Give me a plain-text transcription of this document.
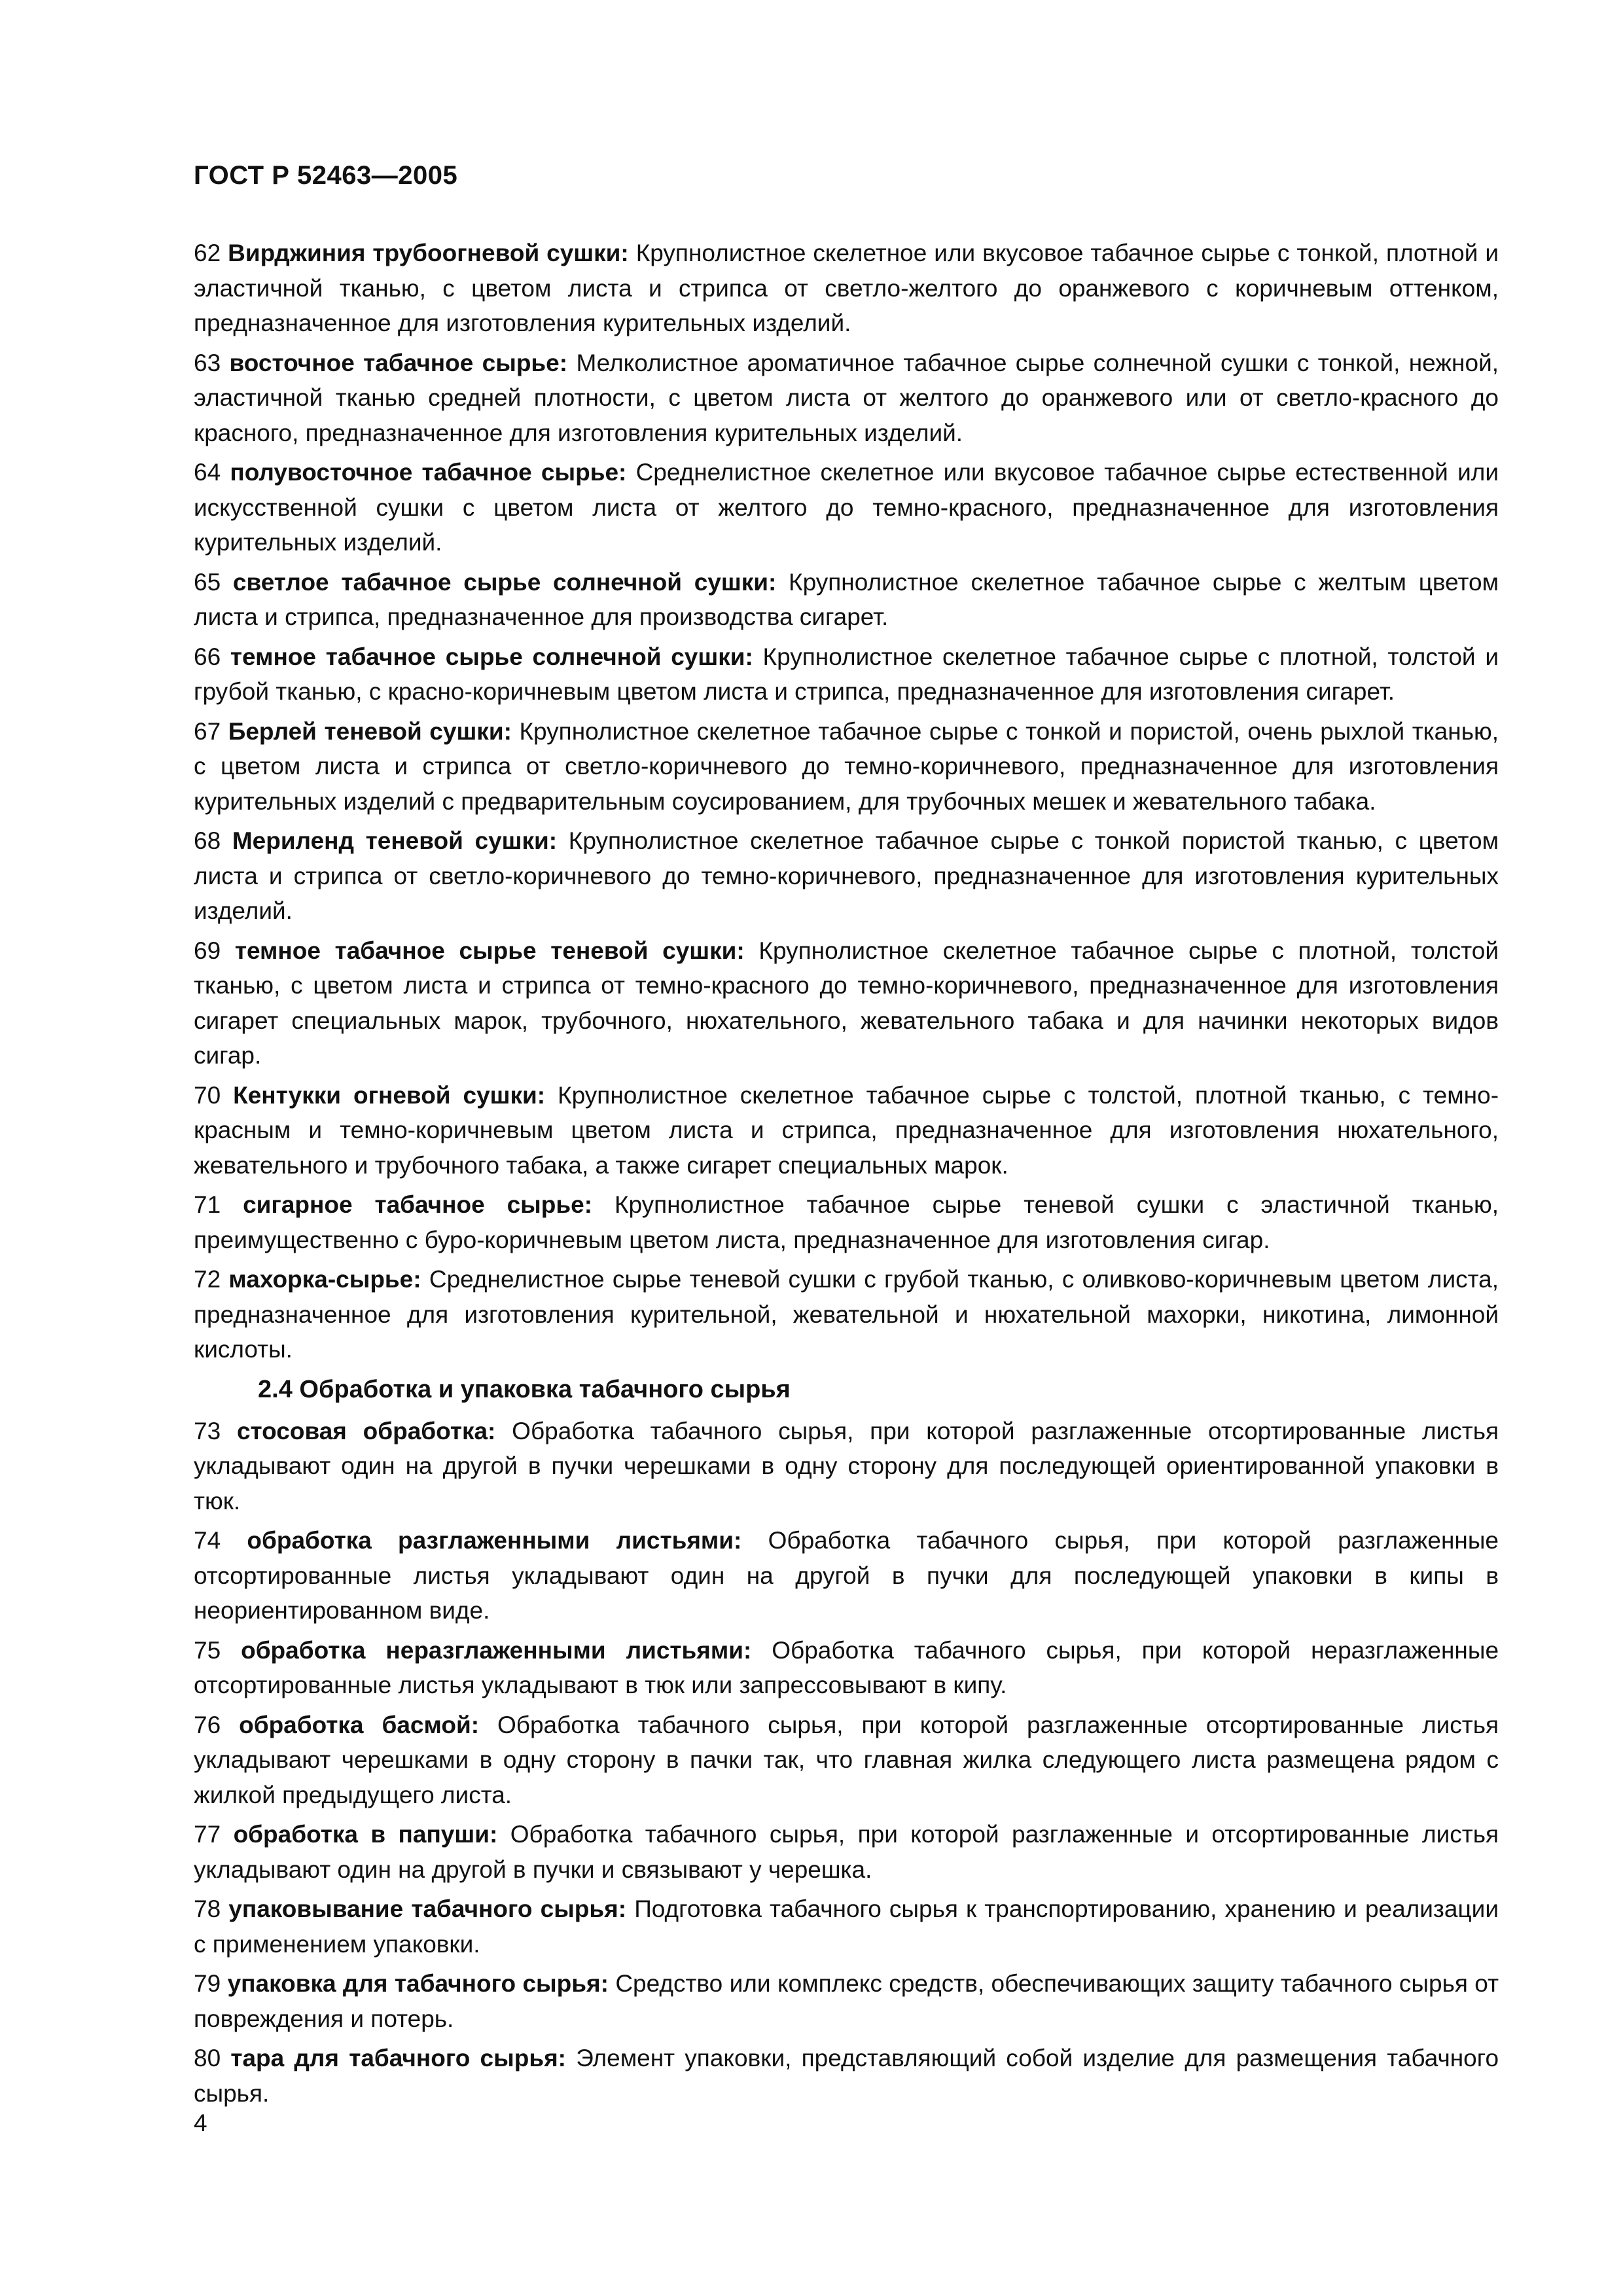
ГОСТ Р 52463—2005

62 Вирджиния трубоогневой сушки: Крупнолистное скелетное или вкусовое табачное сырье с тонкой, плотной и эластичной тканью, с цветом листа и стрипса от светло-желтого до оранжевого с коричневым оттенком, предназначенное для изготовления курительных изделий.

63 восточное табачное сырье: Мелколистное ароматичное табачное сырье солнечной сушки с тонкой, нежной, эластичной тканью средней плотности, с цветом листа от желтого до оранжевого или от светло-красного до красного, предназначенное для изготовления курительных изделий.

64 полувосточное табачное сырье: Среднелистное скелетное или вкусовое табачное сырье естественной или искусственной сушки с цветом листа от желтого до темно-красного, предназначенное для изготовления курительных изделий.

65 светлое табачное сырье солнечной сушки: Крупнолистное скелетное табачное сырье с желтым цветом листа и стрипса, предназначенное для производства сигарет.

66 темное табачное сырье солнечной сушки: Крупнолистное скелетное табачное сырье с плотной, толстой и грубой тканью, с красно-коричневым цветом листа и стрипса, предназначенное для изготовления сигарет.

67 Берлей теневой сушки: Крупнолистное скелетное табачное сырье с тонкой и пористой, очень рыхлой тканью, с цветом листа и стрипса от светло-коричневого до темно-коричневого, предназначенное для изготовления курительных изделий с предварительным соусированием, для трубочных мешек и жевательного табака.

68 Мериленд теневой сушки: Крупнолистное скелетное табачное сырье с тонкой пористой тканью, с цветом листа и стрипса от светло-коричневого до темно-коричневого, предназначенное для изготовления курительных изделий.

69 темное табачное сырье теневой сушки: Крупнолистное скелетное табачное сырье с плотной, толстой тканью, с цветом листа и стрипса от темно-красного до темно-коричневого, предназначенное для изготовления сигарет специальных марок, трубочного, нюхательного, жевательного табака и для начинки некоторых видов сигар.

70 Кентукки огневой сушки: Крупнолистное скелетное табачное сырье с толстой, плотной тканью, с темно-красным и темно-коричневым цветом листа и стрипса, предназначенное для изготовления нюхательного, жевательного и трубочного табака, а также сигарет специальных марок.

71 сигарное табачное сырье: Крупнолистное табачное сырье теневой сушки с эластичной тканью, преимущественно с буро-коричневым цветом листа, предназначенное для изготовления сигар.

72 махорка-сырье: Среднелистное сырье теневой сушки с грубой тканью, с оливково-коричневым цветом листа, предназначенное для изготовления курительной, жевательной и нюхательной махорки, никотина, лимонной кислоты.

2.4 Обработка и упаковка табачного сырья

73 стосовая обработка: Обработка табачного сырья, при которой разглаженные отсортированные листья укладывают один на другой в пучки черешками в одну сторону для последующей ориентированной упаковки в тюк.

74 обработка разглаженными листьями: Обработка табачного сырья, при которой разглаженные отсортированные листья укладывают один на другой в пучки для последующей упаковки в кипы в неориентированном виде.

75 обработка неразглаженными листьями: Обработка табачного сырья, при которой неразглаженные отсортированные листья укладывают в тюк или запрессовывают в кипу.

76 обработка басмой: Обработка табачного сырья, при которой разглаженные отсортированные листья укладывают черешками в одну сторону в пачки так, что главная жилка следующего листа размещена рядом с жилкой предыдущего листа.

77 обработка в папуши: Обработка табачного сырья, при которой разглаженные и отсортированные листья укладывают один на другой в пучки и связывают у черешка.

78 упаковывание табачного сырья: Подготовка табачного сырья к транспортированию, хранению и реализации с применением упаковки.

79 упаковка для табачного сырья: Средство или комплекс средств, обеспечивающих защиту табачного сырья от повреждения и потерь.

80 тара для табачного сырья: Элемент упаковки, представляющий собой изделие для размещения табачного сырья.

4
